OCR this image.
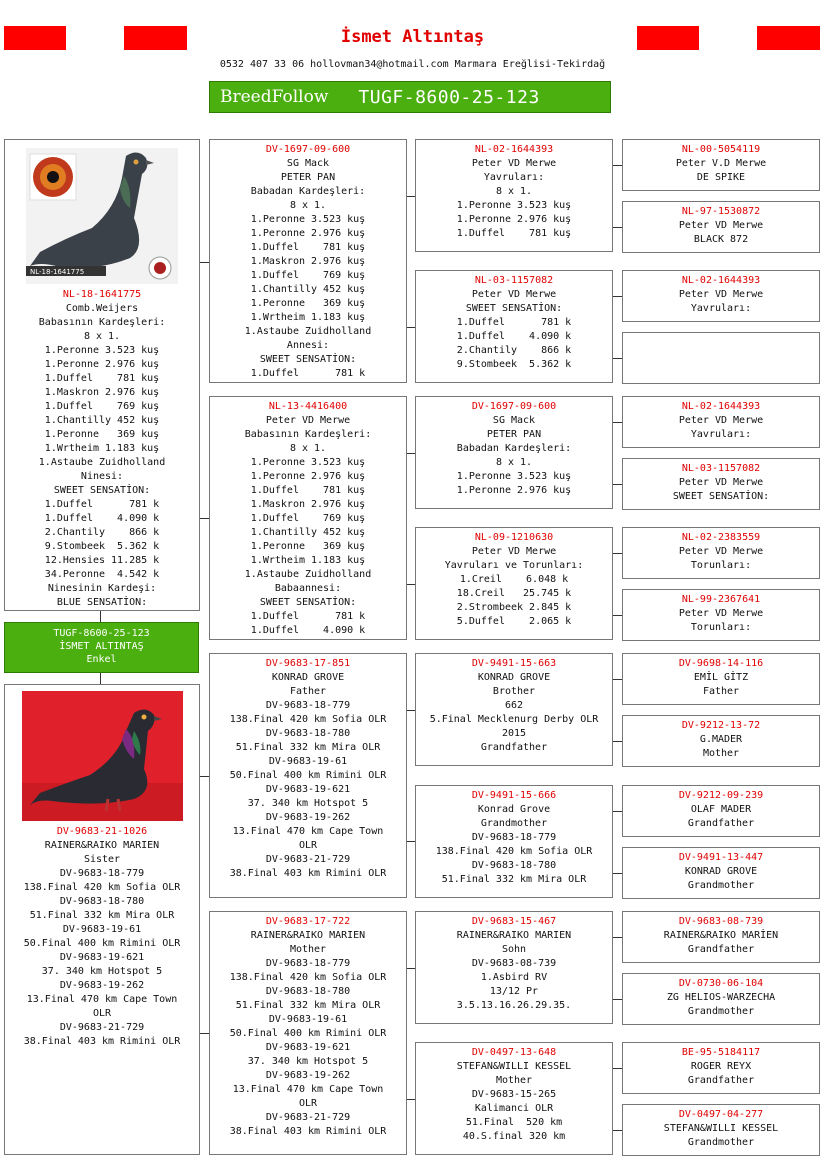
İsmet Altıntaş
0532 407 33 06 hollovman34@hotmail.com Marmara Ereğlisi-Tekirdağ
BreedFollow TUGF-8600-25-123
NL-18-1641775
NL-18-1641775
Comb.Weijers
Babasının Kardeşleri:
8 x 1.
1.Peronne 3.523 kuş
1.Peronne 2.976 kuş
1.Duffel    781 kuş
1.Maskron 2.976 kuş
1.Duffel    769 kuş
1.Chantilly 452 kuş
1.Peronne   369 kuş
1.Wrtheim 1.183 kuş
1.Astaube Zuidholland
Ninesi:
SWEET SENSATİON:
1.Duffel      781 k
1.Duffel    4.090 k
2.Chantily    866 k
9.Stombeek  5.362 k
12.Hensies 11.285 k
34.Peronne  4.542 k
Ninesinin Kardeşi:
BLUE SENSATİON:
TUGF-8600-25-123
İSMET ALTINTAŞ
Enkel
DV-9683-21-1026
RAINER&RAIKO MARIEN
Sister
DV-9683-18-779
138.Final 420 km Sofia OLR
DV-9683-18-780
51.Final 332 km Mira OLR
DV-9683-19-61
50.Final 400 km Rimini OLR
DV-9683-19-621
37. 340 km Hotspot 5
DV-9683-19-262
13.Final 470 km Cape Town
OLR
DV-9683-21-729
38.Final 403 km Rimini OLR
DV-1697-09-600
SG Mack
PETER PAN
Babadan Kardeşleri:
8 x 1.
1.Peronne 3.523 kuş
1.Peronne 2.976 kuş
1.Duffel    781 kuş
1.Maskron 2.976 kuş
1.Duffel    769 kuş
1.Chantilly 452 kuş
1.Peronne   369 kuş
1.Wrtheim 1.183 kuş
1.Astaube Zuidholland
Annesi:
SWEET SENSATİON:
1.Duffel      781 k
NL-13-4416400
Peter VD Merwe
Babasının Kardeşleri:
8 x 1.
1.Peronne 3.523 kuş
1.Peronne 2.976 kuş
1.Duffel    781 kuş
1.Maskron 2.976 kuş
1.Duffel    769 kuş
1.Chantilly 452 kuş
1.Peronne   369 kuş
1.Wrtheim 1.183 kuş
1.Astaube Zuidholland
Babaannesi:
SWEET SENSATİON:
1.Duffel      781 k
1.Duffel    4.090 k
DV-9683-17-851
KONRAD GROVE
Father
DV-9683-18-779
138.Final 420 km Sofia OLR
DV-9683-18-780
51.Final 332 km Mira OLR
DV-9683-19-61
50.Final 400 km Rimini OLR
DV-9683-19-621
37. 340 km Hotspot 5
DV-9683-19-262
13.Final 470 km Cape Town
OLR
DV-9683-21-729
38.Final 403 km Rimini OLR
DV-9683-17-722
RAINER&RAIKO MARIEN
Mother
DV-9683-18-779
138.Final 420 km Sofia OLR
DV-9683-18-780
51.Final 332 km Mira OLR
DV-9683-19-61
50.Final 400 km Rimini OLR
DV-9683-19-621
37. 340 km Hotspot 5
DV-9683-19-262
13.Final 470 km Cape Town
OLR
DV-9683-21-729
38.Final 403 km Rimini OLR
NL-02-1644393
Peter VD Merwe
Yavruları:
8 x 1.
1.Peronne 3.523 kuş
1.Peronne 2.976 kuş
1.Duffel    781 kuş
NL-03-1157082
Peter VD Merwe
SWEET SENSATİON:
1.Duffel      781 k
1.Duffel    4.090 k
2.Chantily    866 k
9.Stombeek  5.362 k
DV-1697-09-600
SG Mack
PETER PAN
Babadan Kardeşleri:
8 x 1.
1.Peronne 3.523 kuş
1.Peronne 2.976 kuş
NL-09-1210630
Peter VD Merwe
Yavruları ve Torunları:
1.Creil    6.048 k
18.Creil   25.745 k
2.Strombeek 2.845 k
5.Duffel    2.065 k
DV-9491-15-663
KONRAD GROVE
Brother
662
5.Final Mecklenurg Derby OLR
2015
Grandfather
DV-9491-15-666
Konrad Grove
Grandmother
DV-9683-18-779
138.Final 420 km Sofia OLR
DV-9683-18-780
51.Final 332 km Mira OLR
DV-9683-15-467
RAINER&RAIKO MARIEN
Sohn
DV-9683-08-739
1.Asbird RV
13/12 Pr
3.5.13.16.26.29.35.
DV-0497-13-648
STEFAN&WILLI KESSEL
Mother
DV-9683-15-265
Kalimanci OLR
51.Final  520 km
40.S.final 320 km
NL-00-5054119
Peter V.D Merwe
DE SPIKE
NL-97-1530872
Peter VD Merwe
BLACK 872
NL-02-1644393
Peter VD Merwe
Yavruları:
NL-02-1644393
Peter VD Merwe
Yavruları:
NL-03-1157082
Peter VD Merwe
SWEET SENSATİON:
NL-02-2383559
Peter VD Merwe
Torunları:
NL-99-2367641
Peter VD Merwe
Torunları:
DV-9698-14-116
EMİL GİTZ
Father
DV-9212-13-72
G.MADER
Mother
DV-9212-09-239
OLAF MADER
Grandfather
DV-9491-13-447
KONRAD GROVE
Grandmother
DV-9683-08-739
RAINER&RAIKO MARİEN
Grandfather
DV-0730-06-104
ZG HELIOS-WARZECHA
Grandmother
BE-95-5184117
ROGER REYX
Grandfather
DV-0497-04-277
STEFAN&WILLI KESSEL
Grandmother
